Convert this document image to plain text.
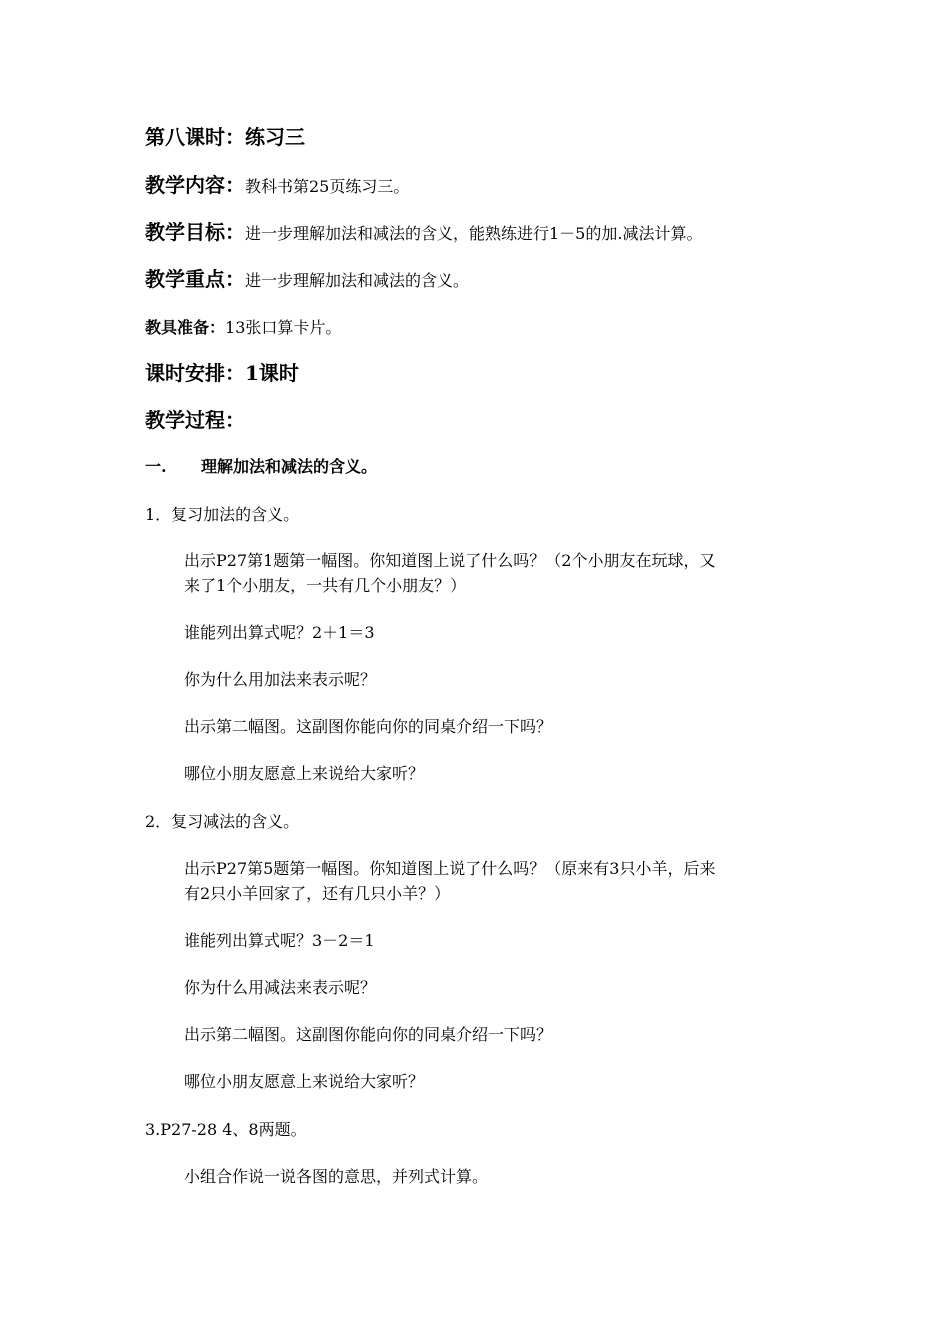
第八课时：练习三
教学内容：教科书第25页练习三。
教学目标：进一步理解加法和减法的含义，能熟练进行1－5的加.减法计算。
教学重点：进一步理解加法和减法的含义。
教具准备：13张口算卡片。
课时安排：1课时
教学过程：
一. 理解加法和减法的含义。
1．复习加法的含义。
出示P27第1题第一幅图。你知道图上说了什么吗？（2个小朋友在玩球，又
来了1个小朋友，一共有几个小朋友？）
谁能列出算式呢？2＋1＝3
你为什么用加法来表示呢？
出示第二幅图。这副图你能向你的同桌介绍一下吗？
哪位小朋友愿意上来说给大家听？
2．复习减法的含义。
出示P27第5题第一幅图。你知道图上说了什么吗？（原来有3只小羊，后来
有2只小羊回家了，还有几只小羊？）
谁能列出算式呢？3－2＝1
你为什么用减法来表示呢？
出示第二幅图。这副图你能向你的同桌介绍一下吗？
哪位小朋友愿意上来说给大家听？
3.P27-28 4、8两题。
小组合作说一说各图的意思，并列式计算。
